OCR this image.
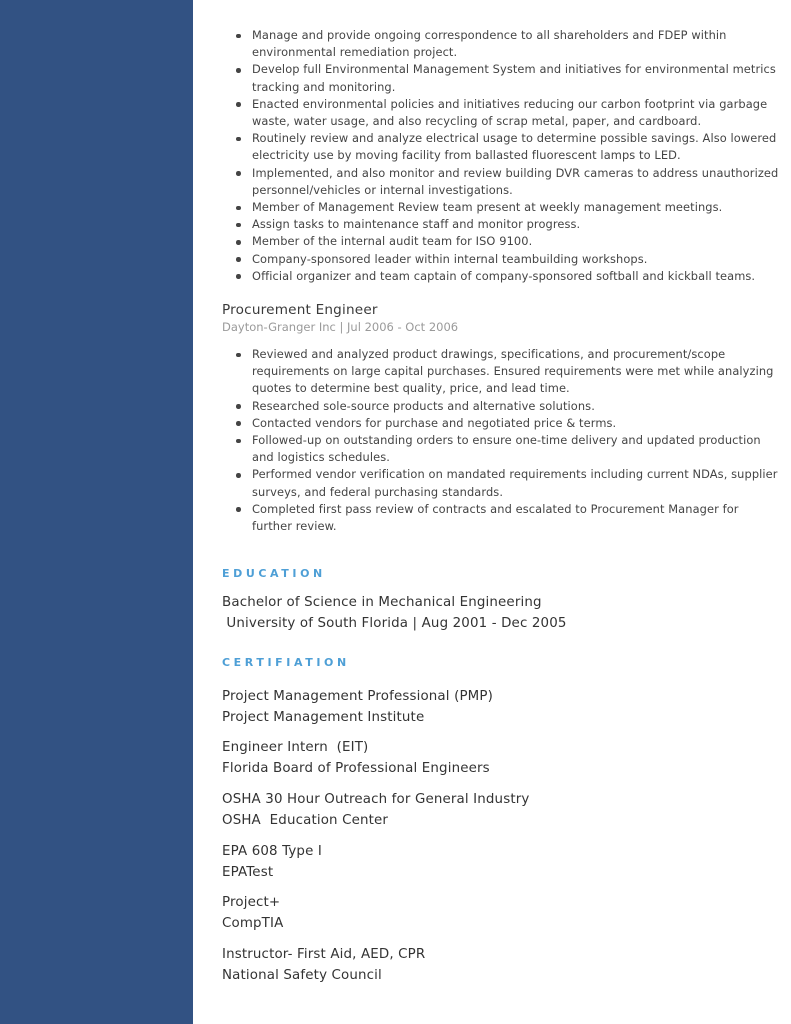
Manage and provide ongoing correspondence to all shareholders and FDEP within environmental remediation project.
Develop full Environmental Management System and initiatives for environmental metrics tracking and monitoring.
Enacted environmental policies and initiatives reducing our carbon footprint via garbage waste, water usage, and also recycling of scrap metal, paper, and cardboard.
Routinely review and analyze electrical usage to determine possible savings. Also lowered electricity use by moving facility from ballasted fluorescent lamps to LED.
Implemented, and also monitor and review building DVR cameras to address unauthorized personnel/vehicles or internal investigations.
Member of Management Review team present at weekly management meetings.
Assign tasks to maintenance staff and monitor progress.
Member of the internal audit team for ISO 9100.
Company-sponsored leader within internal teambuilding workshops.
Official organizer and team captain of company-sponsored softball and kickball teams.
Procurement Engineer
Dayton-Granger Inc | Jul 2006 - Oct 2006
Reviewed and analyzed product drawings, specifications, and procurement/scope requirements on large capital purchases. Ensured requirements were met while analyzing quotes to determine best quality, price, and lead time.
Researched sole-source products and alternative solutions.
Contacted vendors for purchase and negotiated price & terms.
Followed-up on outstanding orders to ensure one-time delivery and updated production and logistics schedules.
Performed vendor verification on mandated requirements including current NDAs, supplier surveys, and federal purchasing standards.
Completed first pass review of contracts and escalated to Procurement Manager for further review.
EDUCATION
Bachelor of Science in Mechanical Engineering
University of South Florida | Aug 2001 - Dec 2005
CERTIFIATION
Project Management Professional (PMP)
Project Management Institute
Engineer Intern  (EIT)
Florida Board of Professional Engineers
OSHA 30 Hour Outreach for General Industry
OSHA  Education Center
EPA 608 Type I
EPATest
Project+
CompTIA
Instructor- First Aid, AED, CPR
National Safety Council
